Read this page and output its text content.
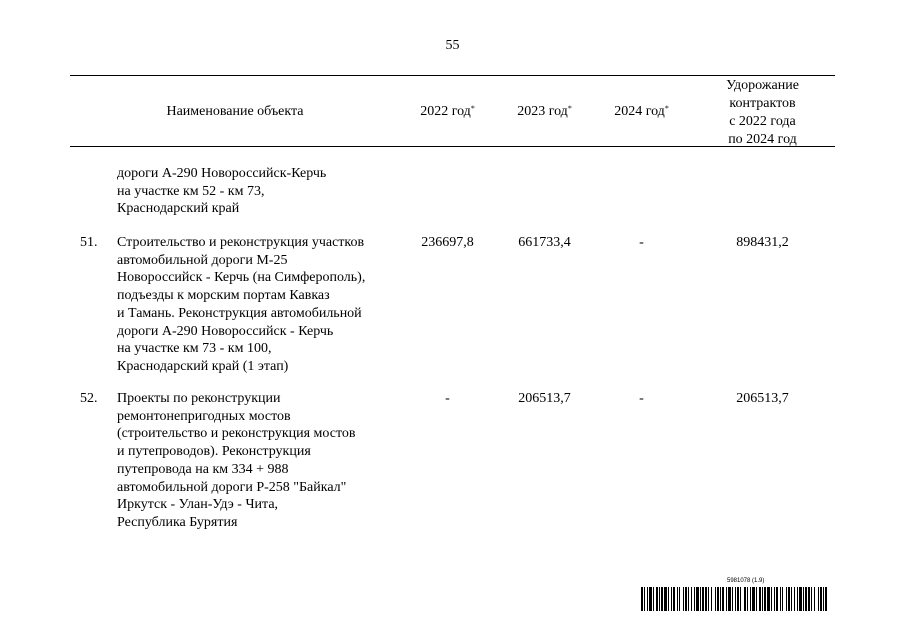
55
Наименование объекта	2022 год*	2023 год*	2024 год*
Удорожание
контрактов
с 2022 года
по 2024 год
дороги А-290 Новороссийск-Керчь
на участке км 52 - км 73,
Краснодарский край
51. Строительство и реконструкция участков
автомобильной дороги М-25
Новороссийск - Керчь (на Симферополь),
подъезды к морским портам Кавказ
и Тамань. Реконструкция автомобильной
дороги А-290 Новороссийск - Керчь
на участке км 73 - км 100,
Краснодарский край (1 этап)
236697,8	661733,4	-	898431,2
52. Проекты по реконструкции
ремонтонепригодных мостов
(строительство и реконструкция мостов
и путепроводов). Реконструкция
путепровода на км 334 + 988
автомобильной дороги Р-258 "Байкал"
Иркутск - Улан-Удэ - Чита,
Республика Бурятия
-	206513,7	-	206513,7
5981078 (1.9)
